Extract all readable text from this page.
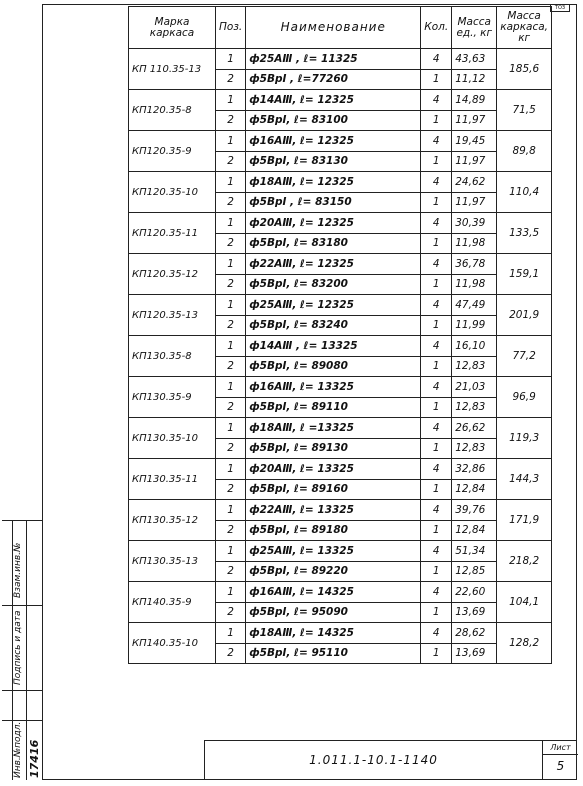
ТОЗ
Марка каркаса	Поз.	Наименование	Кол.	Масса ед., кг	Масса каркаса, кг
КП 110.35-13	1	ф25АⅢ , ℓ= 11325	4	43,63	185,6
	2	ф5ВрⅠ , ℓ=77260	1	11,12	
КП120.35-8	1	ф14АⅢ, ℓ= 12325	4	14,89	71,5
	2	ф5ВрⅠ, ℓ= 83100	1	11,97	
КП120.35-9	1	ф16АⅢ, ℓ= 12325	4	19,45	89,8
	2	ф5ВрⅠ, ℓ= 83130	1	11,97	
КП120.35-10	1	ф18АⅢ, ℓ= 12325	4	24,62	110,4
	2	ф5ВрⅠ , ℓ= 83150	1	11,97	
КП120.35-11	1	ф20АⅢ, ℓ= 12325	4	30,39	133,5
	2	ф5ВрⅠ, ℓ= 83180	1	11,98	
КП120.35-12	1	ф22АⅢ, ℓ= 12325	4	36,78	159,1
	2	ф5ВрⅠ, ℓ= 83200	1	11,98	
КП120.35-13	1	ф25АⅢ, ℓ= 12325	4	47,49	201,9
	2	ф5ВрⅠ, ℓ= 83240	1	11,99	
КП130.35-8	1	ф14АⅢ , ℓ= 13325	4	16,10	77,2
	2	ф5ВрⅠ, ℓ= 89080	1	12,83	
КП130.35-9	1	ф16АⅢ, ℓ= 13325	4	21,03	96,9
	2	ф5ВрⅠ, ℓ= 89110	1	12,83	
КП130.35-10	1	ф18АⅢ, ℓ =13325	4	26,62	119,3
	2	ф5ВрⅠ, ℓ= 89130	1	12,83	
КП130.35-11	1	ф20АⅢ, ℓ= 13325	4	32,86	144,3
	2	ф5ВрⅠ, ℓ= 89160	1	12,84	
КП130.35-12	1	ф22АⅢ, ℓ= 13325	4	39,76	171,9
	2	ф5ВрⅠ, ℓ= 89180	1	12,84	
КП130.35-13	1	ф25АⅢ, ℓ= 13325	4	51,34	218,2
	2	ф5ВрⅠ, ℓ= 89220	1	12,85	
КП140.35-9	1	ф16АⅢ, ℓ= 14325	4	22,60	104,1
	2	ф5ВрⅠ, ℓ= 95090	1	13,69	
КП140.35-10	1	ф18АⅢ, ℓ= 14325	4	28,62	128,2
	2	ф5ВрⅠ, ℓ= 95110	1	13,69	
Взам.инв.№
Подпись и дата
Инв.№подл. 17416	1.011.1-10.1-1140
Лист
5
